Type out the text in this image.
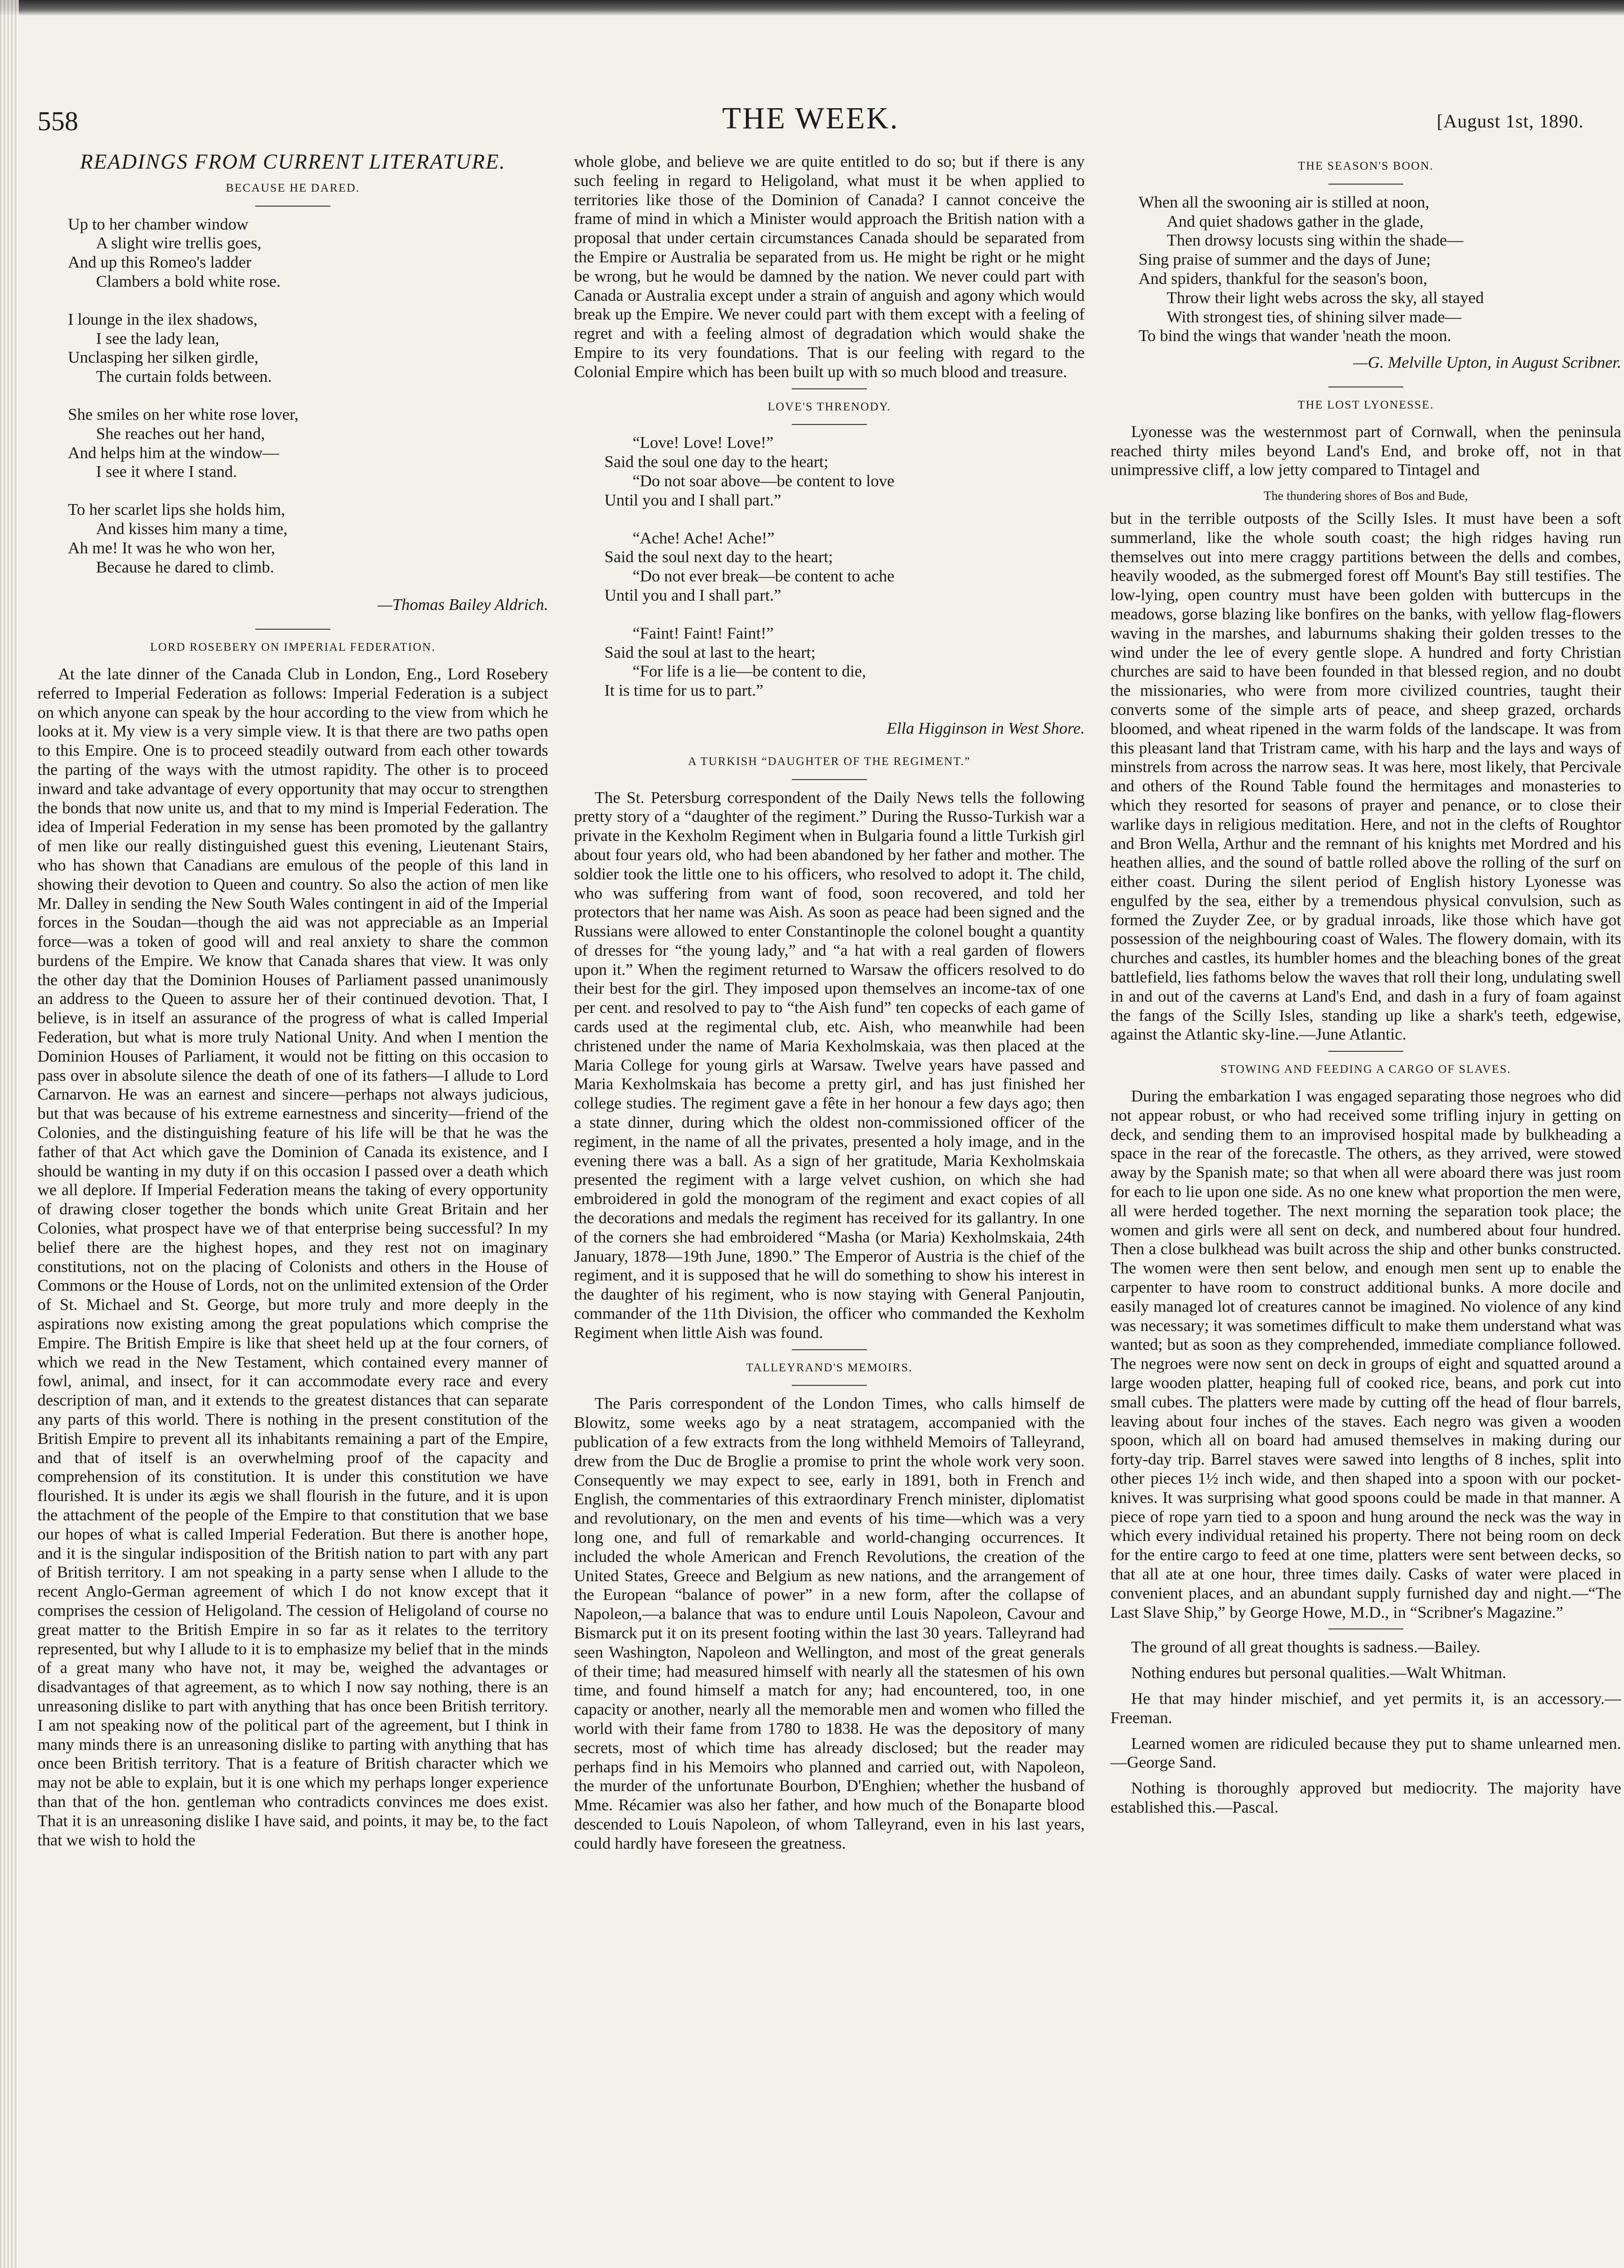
558	THE WEEK.	[August 1st, 1890.
READINGS FROM CURRENT LITERATURE.
BECAUSE HE DARED.
Up to her chamber window
A slight wire trellis goes,
And up this Romeo's ladder
Clambers a bold white rose.
I lounge in the ilex shadows,
I see the lady lean,
Unclasping her silken girdle,
The curtain folds between.
She smiles on her white rose lover,
She reaches out her hand,
And helps him at the window—
I see it where I stand.
To her scarlet lips she holds him,
And kisses him many a time,
Ah me! It was he who won her,
Because he dared to climb.
—Thomas Bailey Aldrich.
LORD ROSEBERY ON IMPERIAL FEDERATION.

At the late dinner of the Canada Club in London, Eng., Lord Rosebery referred to Imperial Federation as follows: Imperial Federation is a subject on which anyone can speak by the hour according to the view from which he looks at it. My view is a very simple view. It is that there are two paths open to this Empire. One is to proceed steadily outward from each other towards the parting of the ways with the utmost rapidity. The other is to proceed inward and take advantage of every opportunity that may occur to strengthen the bonds that now unite us, and that to my mind is Imperial Federation. The idea of Imperial Federation in my sense has been promoted by the gallantry of men like our really distinguished guest this evening, Lieutenant Stairs, who has shown that Canadians are emulous of the people of this land in showing their devotion to Queen and country. So also the action of men like Mr. Dalley in sending the New South Wales contingent in aid of the Imperial forces in the Soudan—though the aid was not appreciable as an Imperial force—was a token of good will and real anxiety to share the common burdens of the Empire. We know that Canada shares that view. It was only the other day that the Dominion Houses of Parliament passed unanimously an address to the Queen to assure her of their continued devotion. That, I believe, is in itself an assurance of the progress of what is called Imperial Federation, but what is more truly National Unity. And when I mention the Dominion Houses of Parliament, it would not be fitting on this occasion to pass over in absolute silence the death of one of its fathers—I allude to Lord Carnarvon. He was an earnest and sincere—perhaps not always judicious, but that was because of his extreme earnestness and sincerity—friend of the Colonies, and the distinguishing feature of his life will be that he was the father of that Act which gave the Dominion of Canada its existence, and I should be wanting in my duty if on this occasion I passed over a death which we all deplore. If Imperial Federation means the taking of every opportunity of drawing closer together the bonds which unite Great Britain and her Colonies, what prospect have we of that enterprise being successful? In my belief there are the highest hopes, and they rest not on imaginary constitutions, not on the placing of Colonists and others in the House of Commons or the House of Lords, not on the unlimited extension of the Order of St. Michael and St. George, but more truly and more deeply in the aspirations now existing among the great populations which comprise the Empire. The British Empire is like that sheet held up at the four corners, of which we read in the New Testament, which contained every manner of fowl, animal, and insect, for it can accommodate every race and every description of man, and it extends to the greatest distances that can separate any parts of this world. There is nothing in the present constitution of the British Empire to prevent all its inhabitants remaining a part of the Empire, and that of itself is an overwhelming proof of the capacity and comprehension of its constitution. It is under this constitution we have flourished. It is under its ægis we shall flourish in the future, and it is upon the attachment of the people of the Empire to that constitution that we base our hopes of what is called Imperial Federation. But there is another hope, and it is the singular indisposition of the British nation to part with any part of British territory. I am not speaking in a party sense when I allude to the recent Anglo-German agreement of which I do not know except that it comprises the cession of Heligoland. The cession of Heligoland of course no great matter to the British Empire in so far as it relates to the territory represented, but why I allude to it is to emphasize my belief that in the minds of a great many who have not, it may be, weighed the advantages or disadvantages of that agreement, as to which I now say nothing, there is an unreasoning dislike to part with anything that has once been British territory. I am not speaking now of the political part of the agreement, but I think in many minds there is an unreasoning dislike to parting with anything that has once been British territory. That is a feature of British character which we may not be able to explain, but it is one which my perhaps longer experience than that of the hon. gentleman who contradicts convinces me does exist. That it is an unreasoning dislike I have said, and points, it may be, to the fact that we wish to hold the

whole globe, and believe we are quite entitled to do so; but if there is any such feeling in regard to Heligoland, what must it be when applied to territories like those of the Dominion of Canada? I cannot conceive the frame of mind in which a Minister would approach the British nation with a proposal that under certain circumstances Canada should be separated from the Empire or Australia be separated from us. He might be right or he might be wrong, but he would be damned by the nation. We never could part with Canada or Australia except under a strain of anguish and agony which would break up the Empire. We never could part with them except with a feeling of regret and with a feeling almost of degradation which would shake the Empire to its very foundations. That is our feeling with regard to the Colonial Empire which has been built up with so much blood and treasure.

LOVE'S THRENODY.
“Love! Love! Love!”
Said the soul one day to the heart;
“Do not soar above—be content to love
Until you and I shall part.”
“Ache! Ache! Ache!”
Said the soul next day to the heart;
“Do not ever break—be content to ache
Until you and I shall part.”
“Faint! Faint! Faint!”
Said the soul at last to the heart;
“For life is a lie—be content to die,
It is time for us to part.”
Ella Higginson in West Shore.
A TURKISH “DAUGHTER OF THE REGIMENT.”

The St. Petersburg correspondent of the Daily News tells the following pretty story of a “daughter of the regiment.” During the Russo-Turkish war a private in the Kexholm Regiment when in Bulgaria found a little Turkish girl about four years old, who had been abandoned by her father and mother. The soldier took the little one to his officers, who resolved to adopt it. The child, who was suffering from want of food, soon recovered, and told her protectors that her name was Aish. As soon as peace had been signed and the Russians were allowed to enter Constantinople the colonel bought a quantity of dresses for “the young lady,” and “a hat with a real garden of flowers upon it.” When the regiment returned to Warsaw the officers resolved to do their best for the girl. They imposed upon themselves an income-tax of one per cent. and resolved to pay to “the Aish fund” ten copecks of each game of cards used at the regimental club, etc. Aish, who meanwhile had been christened under the name of Maria Kexholmskaia, was then placed at the Maria College for young girls at Warsaw. Twelve years have passed and Maria Kexholmskaia has become a pretty girl, and has just finished her college studies. The regiment gave a fête in her honour a few days ago; then a state dinner, during which the oldest non-commissioned officer of the regiment, in the name of all the privates, presented a holy image, and in the evening there was a ball. As a sign of her gratitude, Maria Kexholmskaia presented the regiment with a large velvet cushion, on which she had embroidered in gold the monogram of the regiment and exact copies of all the decorations and medals the regiment has received for its gallantry. In one of the corners she had embroidered “Masha (or Maria) Kexholmskaia, 24th January, 1878—19th June, 1890.” The Emperor of Austria is the chief of the regiment, and it is supposed that he will do something to show his interest in the daughter of his regiment, who is now staying with General Panjoutin, commander of the 11th Division, the officer who commanded the Kexholm Regiment when little Aish was found.

TALLEYRAND'S MEMOIRS.

The Paris correspondent of the London Times, who calls himself de Blowitz, some weeks ago by a neat stratagem, accompanied with the publication of a few extracts from the long withheld Memoirs of Talleyrand, drew from the Duc de Broglie a promise to print the whole work very soon. Consequently we may expect to see, early in 1891, both in French and English, the commentaries of this extraordinary French minister, diplomatist and revolutionary, on the men and events of his time—which was a very long one, and full of remarkable and world-changing occurrences. It included the whole American and French Revolutions, the creation of the United States, Greece and Belgium as new nations, and the arrangement of the European “balance of power” in a new form, after the collapse of Napoleon,—a balance that was to endure until Louis Napoleon, Cavour and Bismarck put it on its present footing within the last 30 years. Talleyrand had seen Washington, Napoleon and Wellington, and most of the great generals of their time; had measured himself with nearly all the statesmen of his own time, and found himself a match for any; had encountered, too, in one capacity or another, nearly all the memorable men and women who filled the world with their fame from 1780 to 1838. He was the depository of many secrets, most of which time has already disclosed; but the reader may perhaps find in his Memoirs who planned and carried out, with Napoleon, the murder of the unfortunate Bourbon, D'Enghien; whether the husband of Mme. Récamier was also her father, and how much of the Bonaparte blood descended to Louis Napoleon, of whom Talleyrand, even in his last years, could hardly have foreseen the greatness.

THE SEASON'S BOON.
When all the swooning air is stilled at noon,
And quiet shadows gather in the glade,
Then drowsy locusts sing within the shade—
Sing praise of summer and the days of June;
And spiders, thankful for the season's boon,
Throw their light webs across the sky, all stayed
With strongest ties, of shining silver made—
To bind the wings that wander 'neath the moon.
—G. Melville Upton, in August Scribner.
THE LOST LYONESSE.

Lyonesse was the westernmost part of Cornwall, when the peninsula reached thirty miles beyond Land's End, and broke off, not in that unimpressive cliff, a low jetty compared to Tintagel and

The thundering shores of Bos and Bude,

but in the terrible outposts of the Scilly Isles. It must have been a soft summerland, like the whole south coast; the high ridges having run themselves out into mere craggy partitions between the dells and combes, heavily wooded, as the submerged forest off Mount's Bay still testifies. The low-lying, open country must have been golden with buttercups in the meadows, gorse blazing like bonfires on the banks, with yellow flag-flowers waving in the marshes, and laburnums shaking their golden tresses to the wind under the lee of every gentle slope. A hundred and forty Christian churches are said to have been founded in that blessed region, and no doubt the missionaries, who were from more civilized countries, taught their converts some of the simple arts of peace, and sheep grazed, orchards bloomed, and wheat ripened in the warm folds of the landscape. It was from this pleasant land that Tristram came, with his harp and the lays and ways of minstrels from across the narrow seas. It was here, most likely, that Percivale and others of the Round Table found the hermitages and monasteries to which they resorted for seasons of prayer and penance, or to close their warlike days in religious meditation. Here, and not in the clefts of Roughtor and Bron Wella, Arthur and the remnant of his knights met Mordred and his heathen allies, and the sound of battle rolled above the rolling of the surf on either coast. During the silent period of English history Lyonesse was engulfed by the sea, either by a tremendous physical convulsion, such as formed the Zuyder Zee, or by gradual inroads, like those which have got possession of the neighbouring coast of Wales. The flowery domain, with its churches and castles, its humbler homes and the bleaching bones of the great battlefield, lies fathoms below the waves that roll their long, undulating swell in and out of the caverns at Land's End, and dash in a fury of foam against the fangs of the Scilly Isles, standing up like a shark's teeth, edgewise, against the Atlantic sky-line.—June Atlantic.

STOWING AND FEEDING A CARGO OF SLAVES.

During the embarkation I was engaged separating those negroes who did not appear robust, or who had received some trifling injury in getting on deck, and sending them to an improvised hospital made by bulkheading a space in the rear of the forecastle. The others, as they arrived, were stowed away by the Spanish mate; so that when all were aboard there was just room for each to lie upon one side. As no one knew what proportion the men were, all were herded together. The next morning the separation took place; the women and girls were all sent on deck, and numbered about four hundred. Then a close bulkhead was built across the ship and other bunks constructed. The women were then sent below, and enough men sent up to enable the carpenter to have room to construct additional bunks. A more docile and easily managed lot of creatures cannot be imagined. No violence of any kind was necessary; it was sometimes difficult to make them understand what was wanted; but as soon as they comprehended, immediate compliance followed. The negroes were now sent on deck in groups of eight and squatted around a large wooden platter, heaping full of cooked rice, beans, and pork cut into small cubes. The platters were made by cutting off the head of flour barrels, leaving about four inches of the staves. Each negro was given a wooden spoon, which all on board had amused themselves in making during our forty-day trip. Barrel staves were sawed into lengths of 8 inches, split into other pieces 1½ inch wide, and then shaped into a spoon with our pocket-knives. It was surprising what good spoons could be made in that manner. A piece of rope yarn tied to a spoon and hung around the neck was the way in which every individual retained his property. There not being room on deck for the entire cargo to feed at one time, platters were sent between decks, so that all ate at one hour, three times daily. Casks of water were placed in convenient places, and an abundant supply furnished day and night.—“The Last Slave Ship,” by George Howe, M.D., in “Scribner's Magazine.”

The ground of all great thoughts is sadness.—Bailey.

Nothing endures but personal qualities.—Walt Whitman.

He that may hinder mischief, and yet permits it, is an accessory.—Freeman.

Learned women are ridiculed because they put to shame unlearned men.—George Sand.

Nothing is thoroughly approved but mediocrity. The majority have established this.—Pascal.
